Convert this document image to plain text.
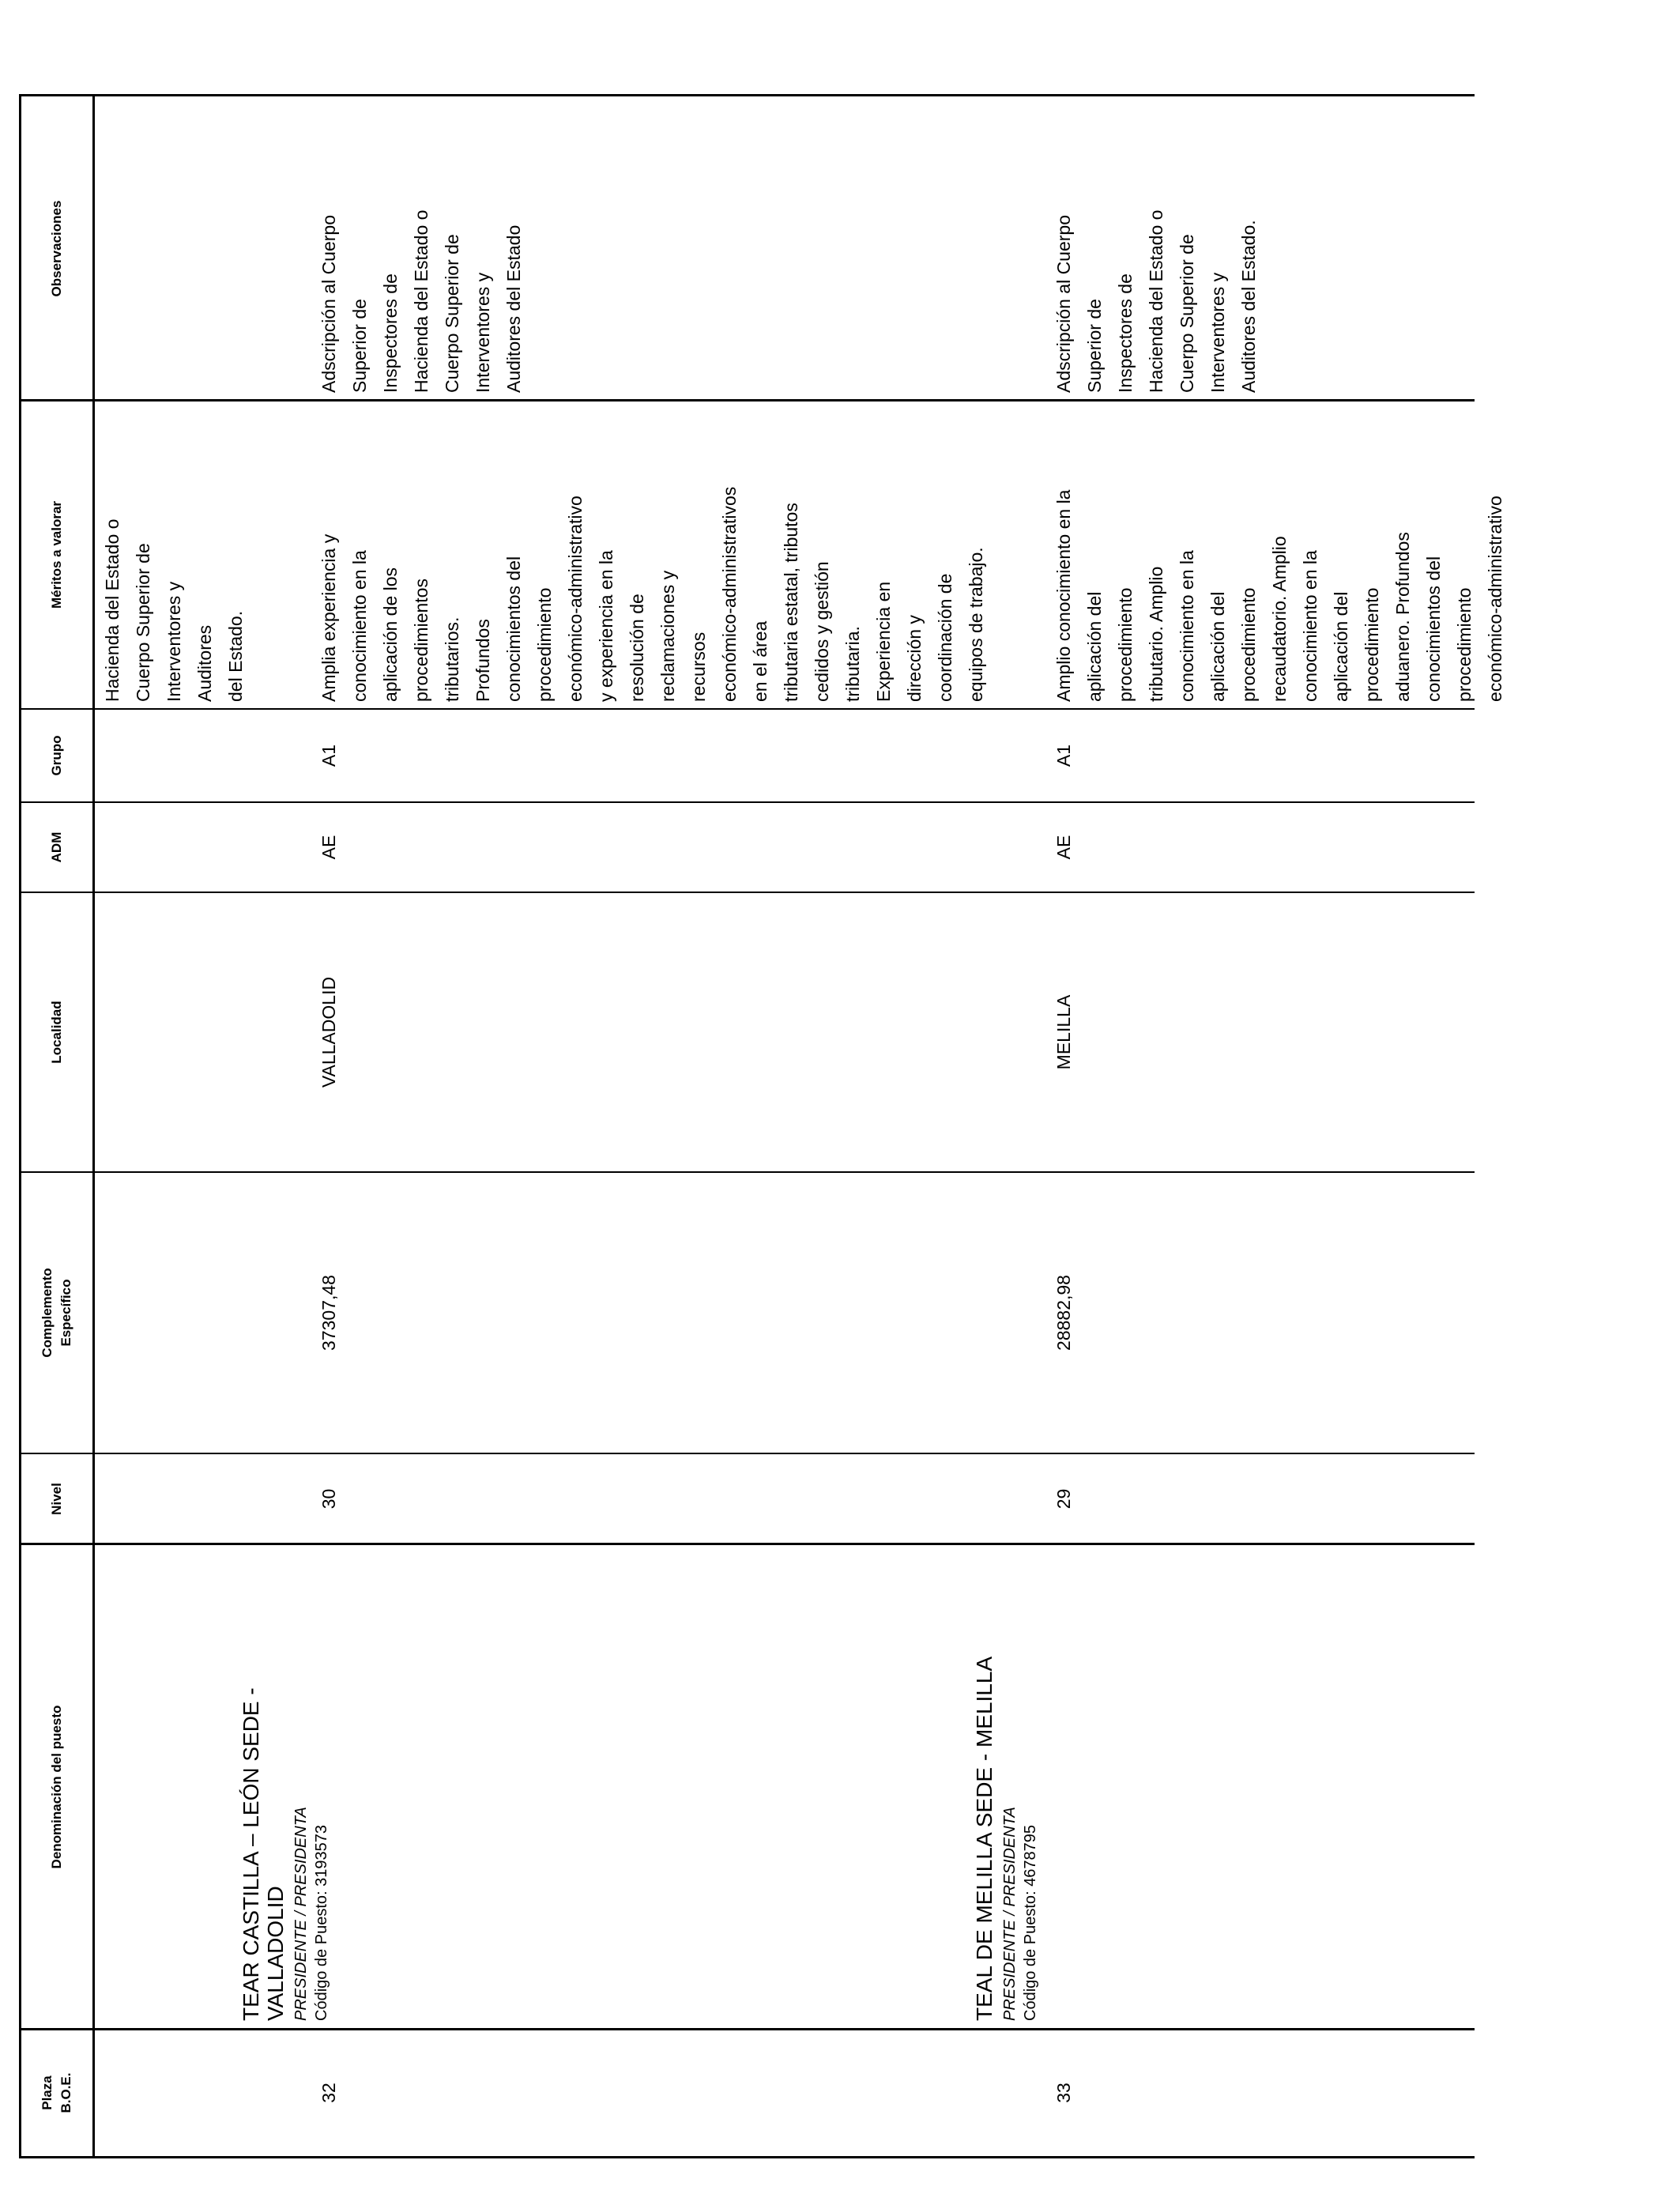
Plaza B.O.E.
Denominación del puesto
Nivel
Complemento Específico
Localidad
ADM
Grupo
Méritos a valorar
Observaciones
Hacienda del Estado o Cuerpo Superior de Interventores y Auditores del Estado.
32
TEAR CASTILLA – LEÓN SEDE - VALLADOLID PRESIDENTE / PRESIDENTA Código de Puesto: 3193573
30
37307,48
VALLADOLID
AE
A1
Amplia experiencia y conocimiento en la aplicación de los procedimientos tributarios. Profundos conocimientos del procedimiento económico-administrativo y experiencia en la resolución de reclamaciones y recursos económico-administrativos en el área tributaria estatal, tributos cedidos y gestión tributaria. Experiencia en dirección y coordinación de equipos de trabajo.
Adscripción al Cuerpo Superior de Inspectores de Hacienda del Estado o Cuerpo Superior de Interventores y Auditores del Estado
33
TEAL DE MELILLA SEDE - MELILLA PRESIDENTE / PRESIDENTA Código de Puesto: 4678795
29
28882,98
MELILLA
AE
A1
Amplio conocimiento en la aplicación del procedimiento tributario. Amplio conocimiento en la aplicación del procedimiento recaudatorio. Amplio conocimiento en la aplicación del procedimiento aduanero. Profundos conocimientos del procedimiento económico-administrativo
Adscripción al Cuerpo Superior de Inspectores de Hacienda del Estado o Cuerpo Superior de Interventores y Auditores del Estado.
